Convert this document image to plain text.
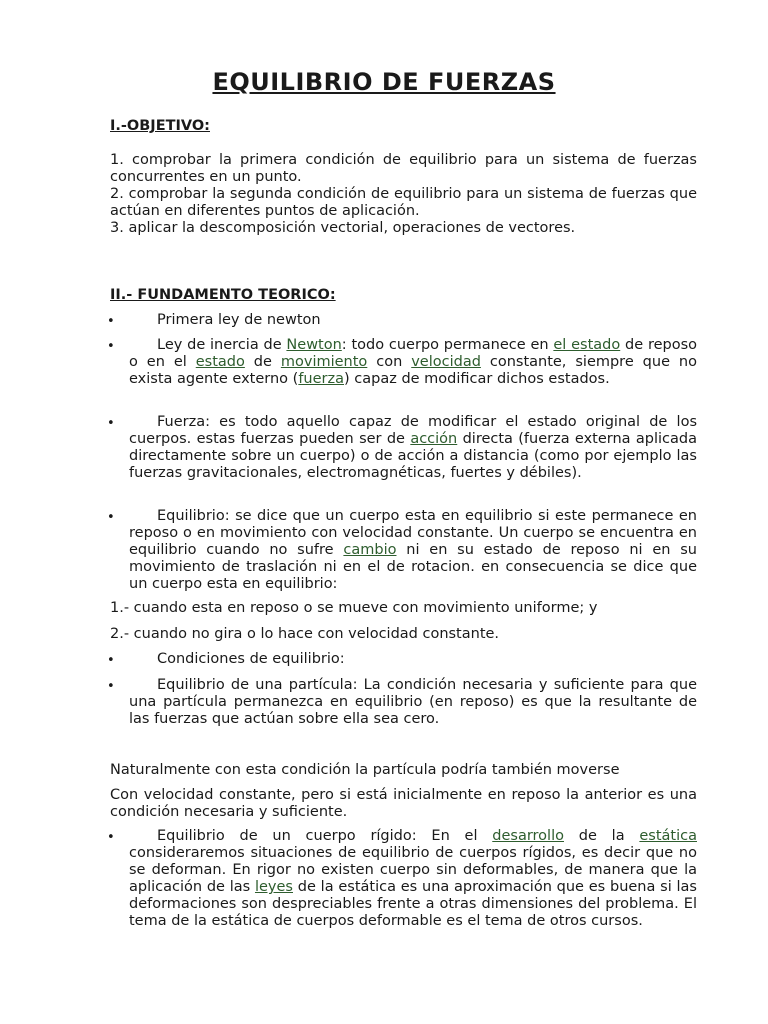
EQUILIBRIO DE FUERZAS
I.-OBJETIVO:
1. comprobar la primera condición de equilibrio para un sistema de fuerzas concurrentes en un punto.
2. comprobar la segunda condición de equilibrio para un sistema de fuerzas que actúan en diferentes puntos de aplicación.
3. aplicar la descomposición vectorial, operaciones de vectores.
II.- FUNDAMENTO TEORICO:
•	Primera ley de newton
•	Ley de inercia de Newton: todo cuerpo permanece en el estado de reposo o en el estado de movimiento con velocidad constante, siempre que no exista agente externo (fuerza) capaz de modificar dichos estados.
•	Fuerza: es todo aquello capaz de modificar el estado original de los cuerpos. estas fuerzas pueden ser de acción directa (fuerza externa aplicada directamente sobre un cuerpo) o de acción a distancia (como por ejemplo las fuerzas gravitacionales, electromagnéticas, fuertes y débiles).
•	Equilibrio: se dice que un cuerpo esta en equilibrio si este permanece en reposo o en movimiento con velocidad constante. Un cuerpo se encuentra en equilibrio cuando no sufre cambio ni en su estado de reposo ni en su movimiento de traslación ni en el de rotacion. en consecuencia se dice que un cuerpo esta en equilibrio:
1.- cuando esta en reposo o se mueve con movimiento uniforme; y
2.- cuando no gira o lo hace con velocidad constante.
•	Condiciones de equilibrio:
•	Equilibrio de una partícula: La condición necesaria y suficiente para que una partícula permanezca en equilibrio (en reposo) es que la resultante de las fuerzas que actúan sobre ella sea cero.
Naturalmente con esta condición la partícula podría también moverse
Con velocidad constante, pero si está inicialmente en reposo la anterior es una condición necesaria y suficiente.
•	Equilibrio de un cuerpo rígido: En el desarrollo de la estática consideraremos situaciones de equilibrio de cuerpos rígidos, es decir que no se deforman. En rigor no existen cuerpo sin deformables, de manera que la aplicación de las leyes de la estática es una aproximación que es buena si las deformaciones son despreciables frente a otras dimensiones del problema. El tema de la estática de cuerpos deformable es el tema de otros cursos.
